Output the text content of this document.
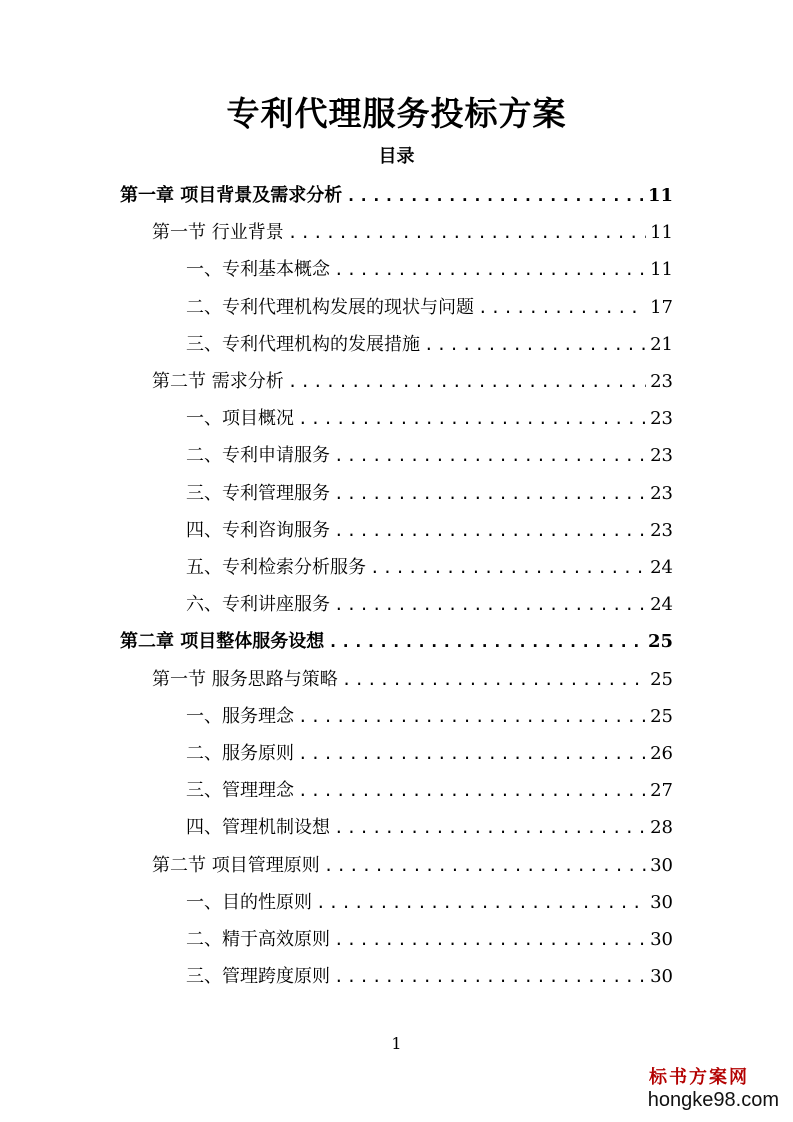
专利代理服务投标方案
目录
第一章 项目背景及需求分析 .....	11
第一节 行业背景 .....	11
一、专利基本概念 .....	11
二、专利代理机构发展的现状与问题 .....	17
三、专利代理机构的发展措施 .....	21
第二节 需求分析 .....	23
一、项目概况 .....	23
二、专利申请服务 .....	23
三、专利管理服务 .....	23
四、专利咨询服务 .....	23
五、专利检索分析服务 .....	24
六、专利讲座服务 .....	24
第二章 项目整体服务设想 .....	25
第一节 服务思路与策略 .....	25
一、服务理念 .....	25
二、服务原则 .....	26
三、管理理念 .....	27
四、管理机制设想 .....	28
第二节 项目管理原则 .....	30
一、目的性原则 .....	30
二、精于高效原则 .....	30
三、管理跨度原则 .....	30
1
标书方案网
hongke98.com
